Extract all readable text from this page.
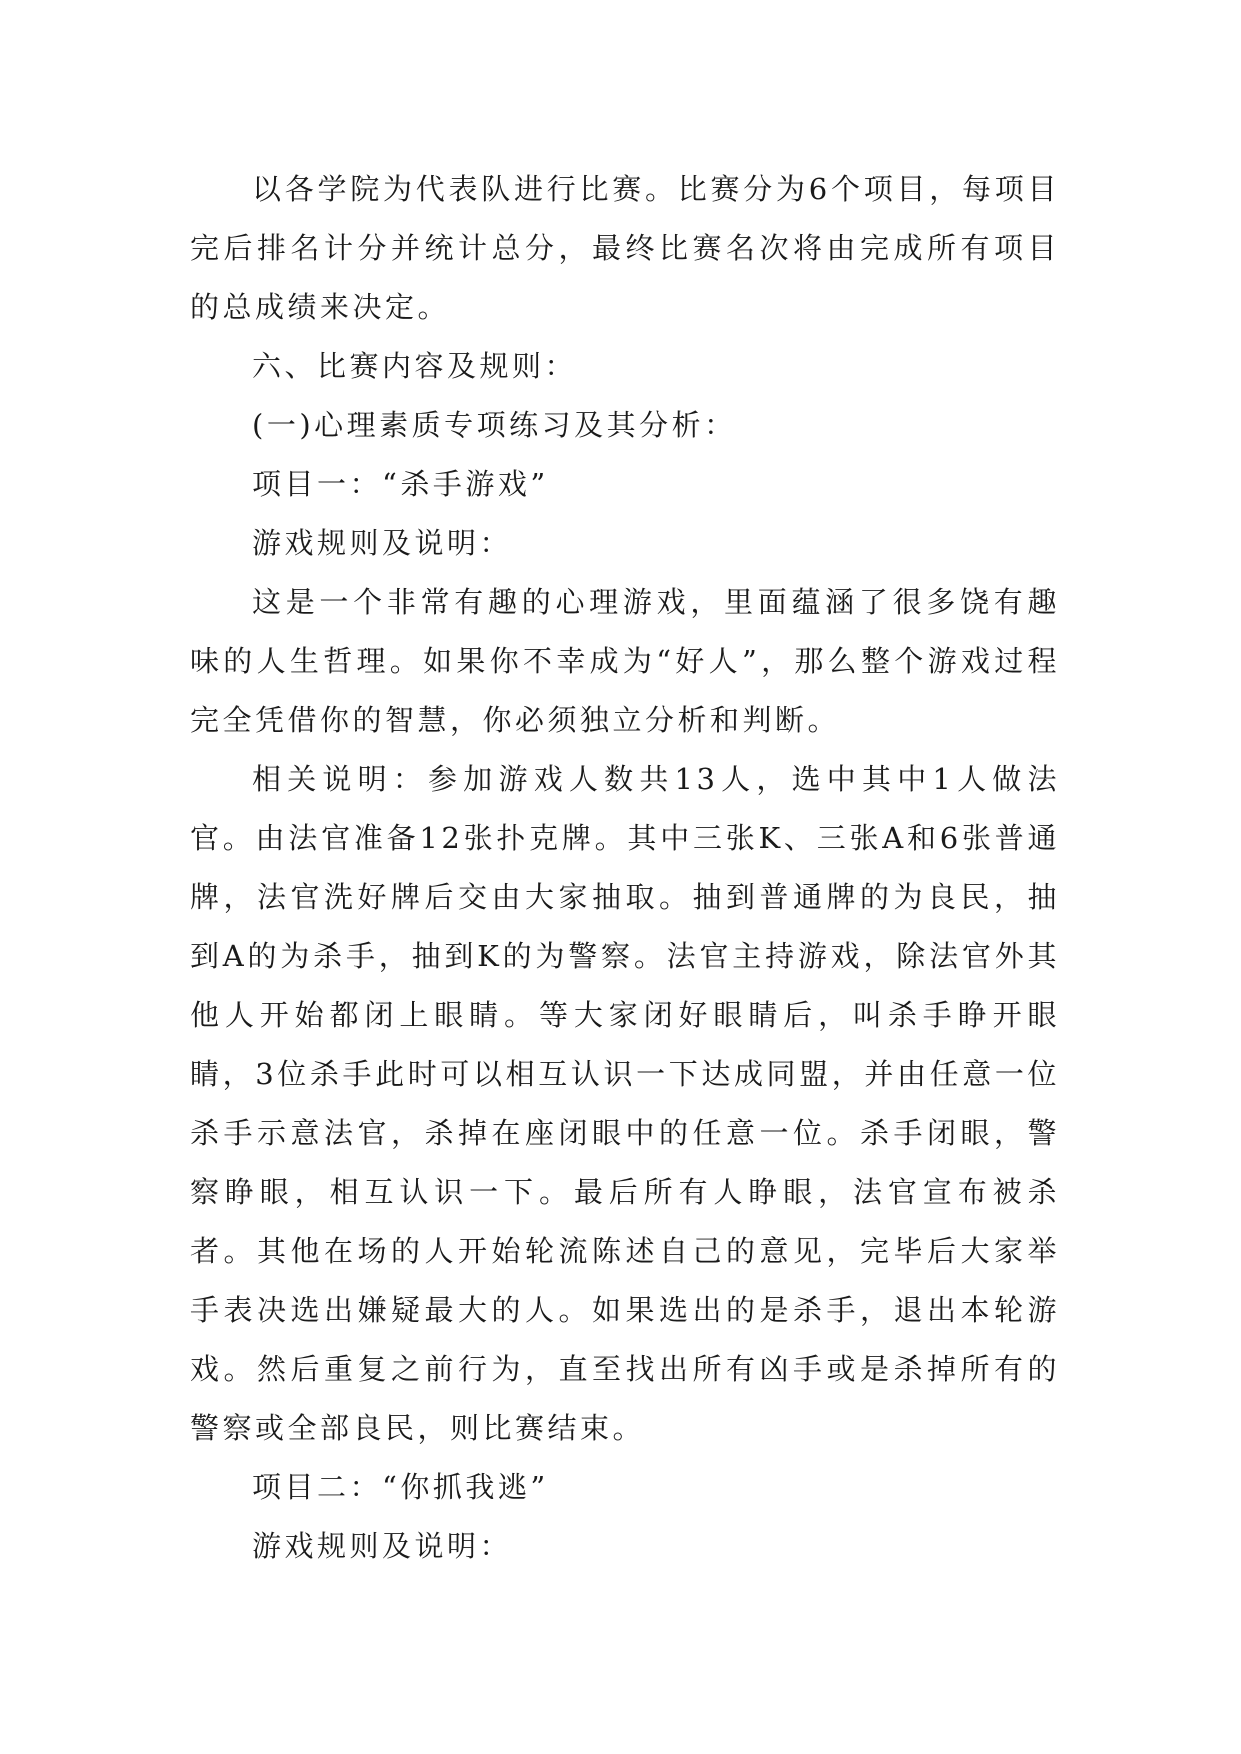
以各学院为代表队进行比赛。比赛分为6个项目，每项目完后排名计分并统计总分，最终比赛名次将由完成所有项目的总成绩来决定。

六、比赛内容及规则：

(一)心理素质专项练习及其分析：

项目一：“杀手游戏”

游戏规则及说明：

这是一个非常有趣的心理游戏，里面蕴涵了很多饶有趣味的人生哲理。如果你不幸成为“好人”，那么整个游戏过程完全凭借你的智慧，你必须独立分析和判断。

相关说明：参加游戏人数共13人，选中其中1人做法官。由法官准备12张扑克牌。其中三张K、三张A和6张普通牌，法官洗好牌后交由大家抽取。抽到普通牌的为良民，抽到A的为杀手，抽到K的为警察。法官主持游戏，除法官外其他人开始都闭上眼睛。等大家闭好眼睛后，叫杀手睁开眼睛，3位杀手此时可以相互认识一下达成同盟，并由任意一位杀手示意法官，杀掉在座闭眼中的任意一位。杀手闭眼，警察睁眼，相互认识一下。最后所有人睁眼，法官宣布被杀者。其他在场的人开始轮流陈述自己的意见，完毕后大家举手表决选出嫌疑最大的人。如果选出的是杀手，退出本轮游戏。然后重复之前行为，直至找出所有凶手或是杀掉所有的警察或全部良民，则比赛结束。

项目二：“你抓我逃”

游戏规则及说明：
